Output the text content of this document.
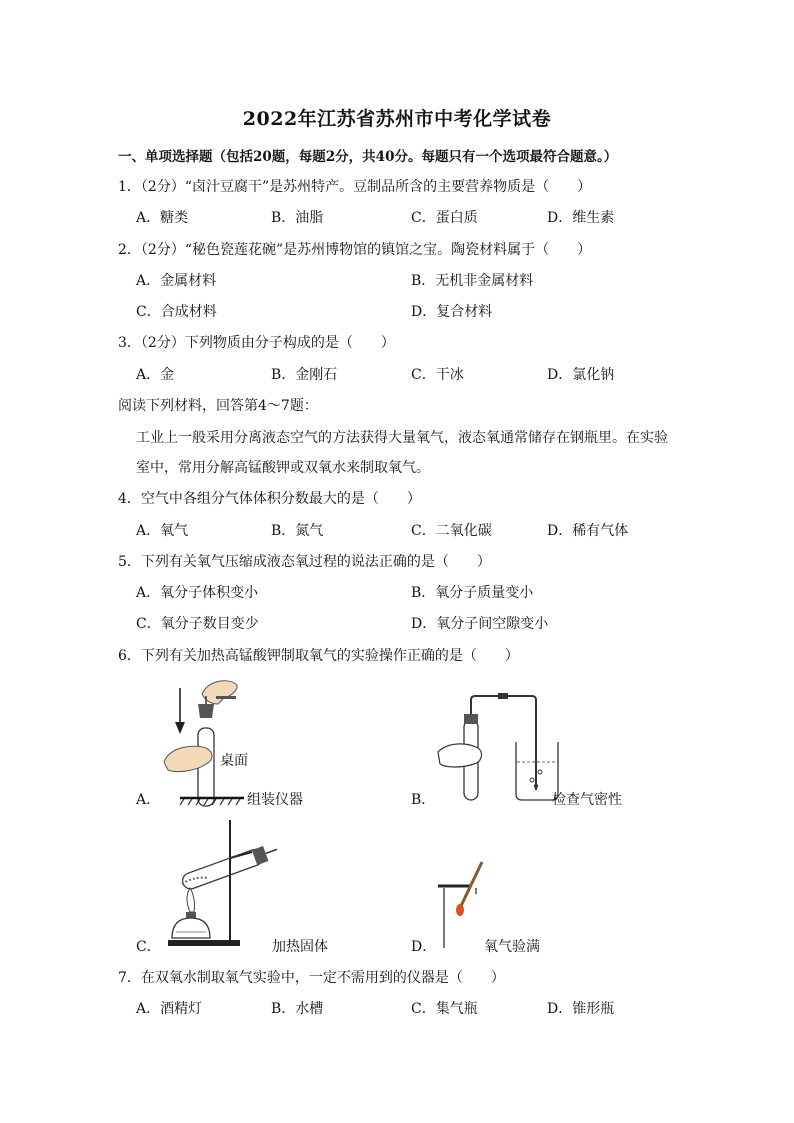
2022年江苏省苏州市中考化学试卷
一、单项选择题（包括20题，每题2分，共40分。每题只有一个选项最符合题意。）
1．（2分）“卤汁豆腐干”是苏州特产。豆制品所含的主要营养物质是（　　）
A．糖类	B．油脂	C．蛋白质	D．维生素
2．（2分）“秘色瓷莲花碗”是苏州博物馆的镇馆之宝。陶瓷材料属于（　　）
A．金属材料	B．无机非金属材料
C．合成材料	D．复合材料
3．（2分）下列物质由分子构成的是（　　）
A．金	B．金刚石	C．干冰	D．氯化钠
阅读下列材料，回答第4～7题：
工业上一般采用分离液态空气的方法获得大量氧气，液态氧通常储存在钢瓶里。在实验
室中，常用分解高锰酸钾或双氧水来制取氧气。
4．空气中各组分气体体积分数最大的是（　　）
A．氧气	B．氮气	C．二氧化碳	D．稀有气体
5．下列有关氧气压缩成液态氧过程的说法正确的是（　　）
A．氧分子体积变小	B．氧分子质量变小
C．氧分子数目变少	D．氧分子间空隙变小
6．下列有关加热高锰酸钾制取氧气的实验操作正确的是（　　）
A．
桌面
组装仪器	B．	检查气密性
C．	加热固体	D．	氧气验满
7．在双氧水制取氧气实验中，一定不需用到的仪器是（　　）
A．酒精灯	B．水槽	C．集气瓶	D．锥形瓶
